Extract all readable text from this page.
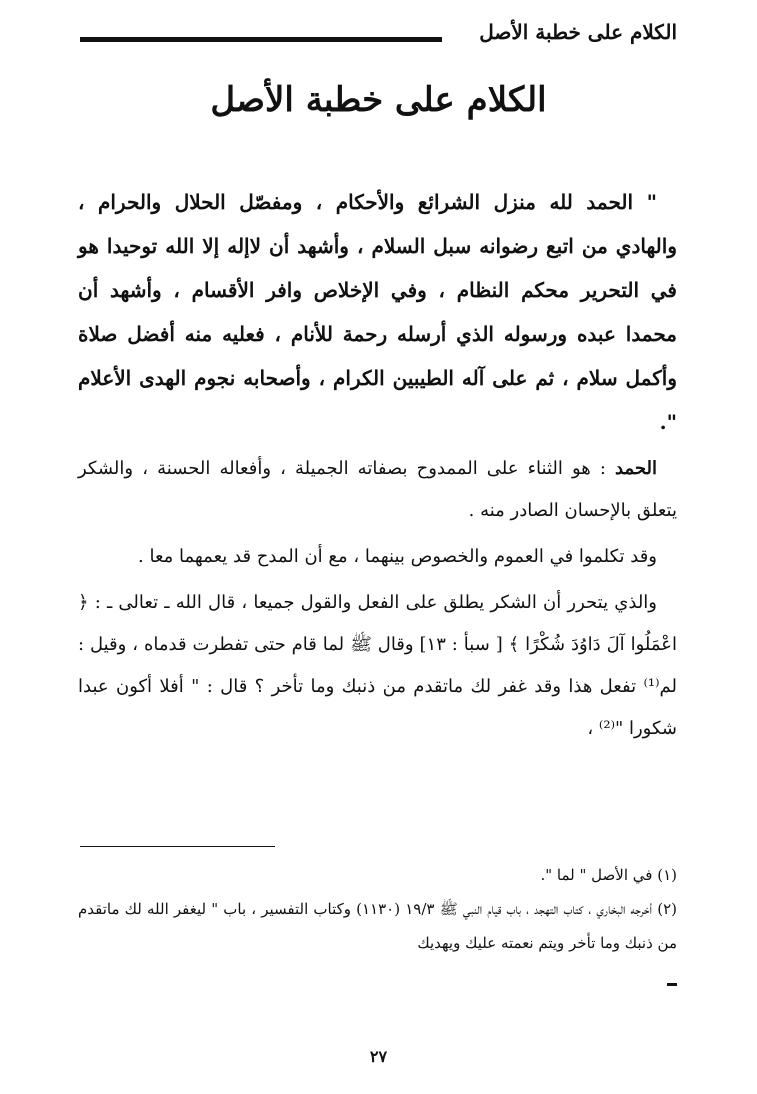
الكلام على خطبة الأصل
الكلام على خطبة الأصل

" الحمد لله منزل الشرائع والأحكام ، ومفصّل الحلال والحرام ، والهادي من اتبع رضوانه سبل السلام ، وأشهد أن لاإله إلا الله توحيدا هو في التحرير محكم النظام ، وفي الإخلاص وافر الأقسام ، وأشهد أن محمدا عبده ورسوله الذي أرسله رحمة للأنام ، فعليه منه أفضل صلاة وأكمل سلام ، ثم على آله الطيبين الكرام ، وأصحابه نجوم الهدى الأعلام ".

الحمد : هو الثناء على الممدوح بصفاته الجميلة ، وأفعاله الحسنة ، والشكر يتعلق بالإحسان الصادر منه .

وقد تكلموا في العموم والخصوص بينهما ، مع أن المدح قد يعمهما معا .

والذي يتحرر أن الشكر يطلق على الفعل والقول جميعا ، قال الله ـ تعالى ـ : ﴿ اعْمَلُوا آلَ دَاوُدَ شُكْرًا ﴾ [ سبأ : ١٣] وقال ﷺ لما قام حتى تفطرت قدماه ، وقيل : لم⁽¹⁾ تفعل هذا وقد غفر لك ماتقدم من ذنبك وما تأخر ؟ قال : " أفلا أكون عبدا شكورا "⁽²⁾ ،

(١) في الأصل " لما ".

(٢) أخرجه البخاري ، كتاب التهجد ، باب قيام النبي ﷺ ١٩/٣ (١١٣٠) وكتاب التفسير ، باب " ليغفر الله لك ماتقدم من ذنبك وما تأخر ويتم نعمته عليك ويهديك

٢٧
